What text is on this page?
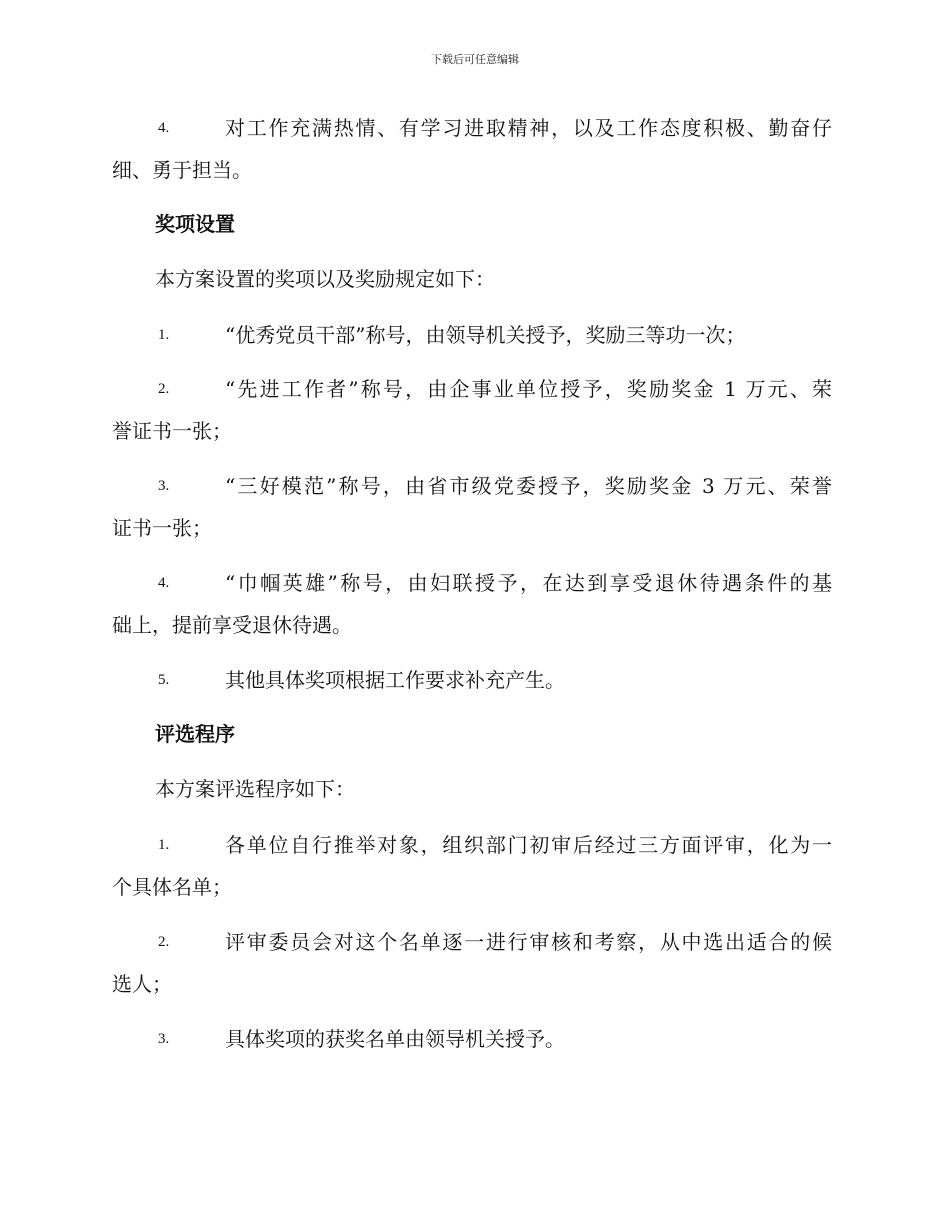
下载后可任意编辑
4.	对工作充满热情、有学习进取精神，以及工作态度积极、勤奋仔
细、勇于担当。
奖项设置
本方案设置的奖项以及奖励规定如下：
1.	“优秀党员干部”称号，由领导机关授予，奖励三等功一次；
2.	“先进工作者”称号，由企事业单位授予，奖励奖金 1 万元、荣
誉证书一张；
3.	“三好模范”称号，由省市级党委授予，奖励奖金 3 万元、荣誉
证书一张；
4.	“巾帼英雄”称号，由妇联授予，在达到享受退休待遇条件的基
础上，提前享受退休待遇。
5.	其他具体奖项根据工作要求补充产生。
评选程序
本方案评选程序如下：
1.	各单位自行推举对象，组织部门初审后经过三方面评审，化为一
个具体名单；
2.	评审委员会对这个名单逐一进行审核和考察，从中选出适合的候
选人；
3.	具体奖项的获奖名单由领导机关授予。
